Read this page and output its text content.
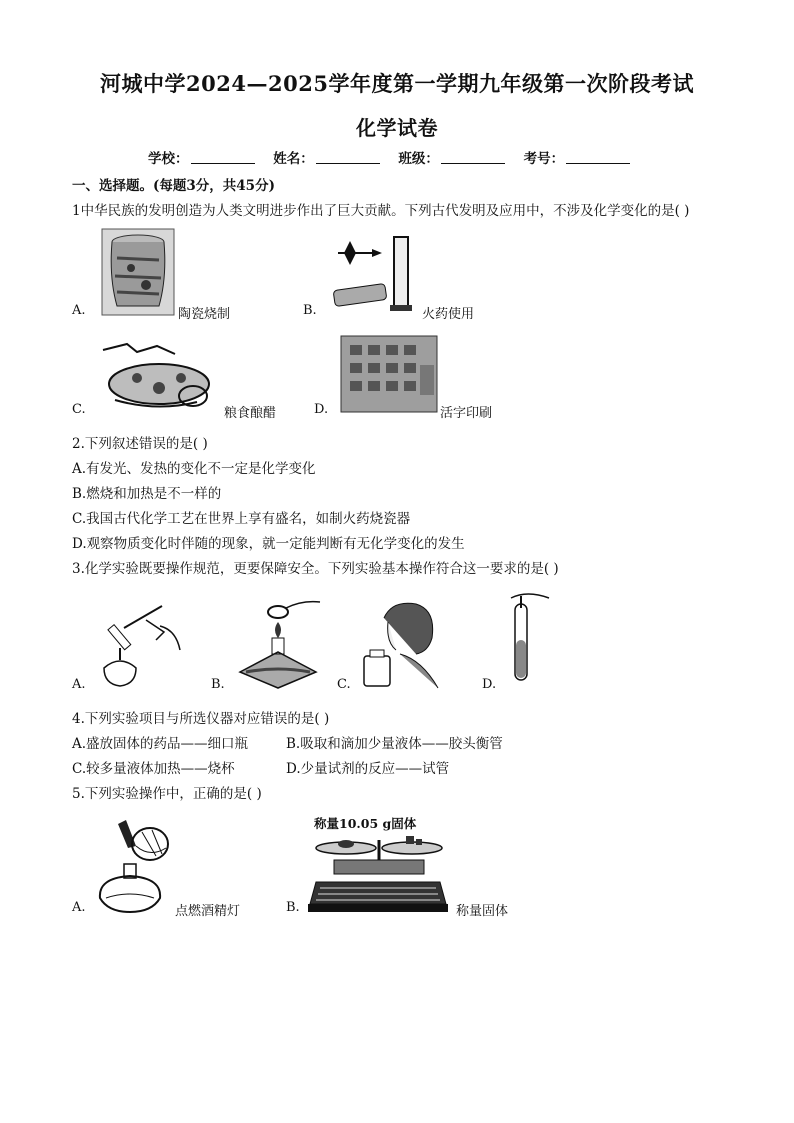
河城中学2024—2025学年度第一学期九年级第一次阶段考试
化学试卷
学校：	姓名：	班级：	考号：
一、选择题。(每题3分，共45分)
1中华民族的发明创造为人类文明进步作出了巨大贡献。下列古代发明及应用中，不涉及化学变化的是( )
A.	陶瓷烧制	B.	火药使用
C.	粮食酿醋	D.	活字印刷
2.下列叙述错误的是( )
A.有发光、发热的变化不一定是化学变化
B.燃烧和加热是不一样的
C.我国古代化学工艺在世界上享有盛名，如制火药烧瓷器
D.观察物质变化时伴随的现象，就一定能判断有无化学变化的发生
3.化学实验既要操作规范，更要保障安全。下列实验基本操作符合这一要求的是( )
A.	B.	C.	D.
4.下列实验项目与所选仪器对应错误的是( )
A.盛放固体的药品——细口瓶	B.吸取和滴加少量液体——胶头衡管
C.较多量液体加热——烧杯	D.少量试剂的反应——试管
5.下列实验操作中，正确的是( )
A.	点燃酒精灯	B.
称量10.05 g固体
称量固体
